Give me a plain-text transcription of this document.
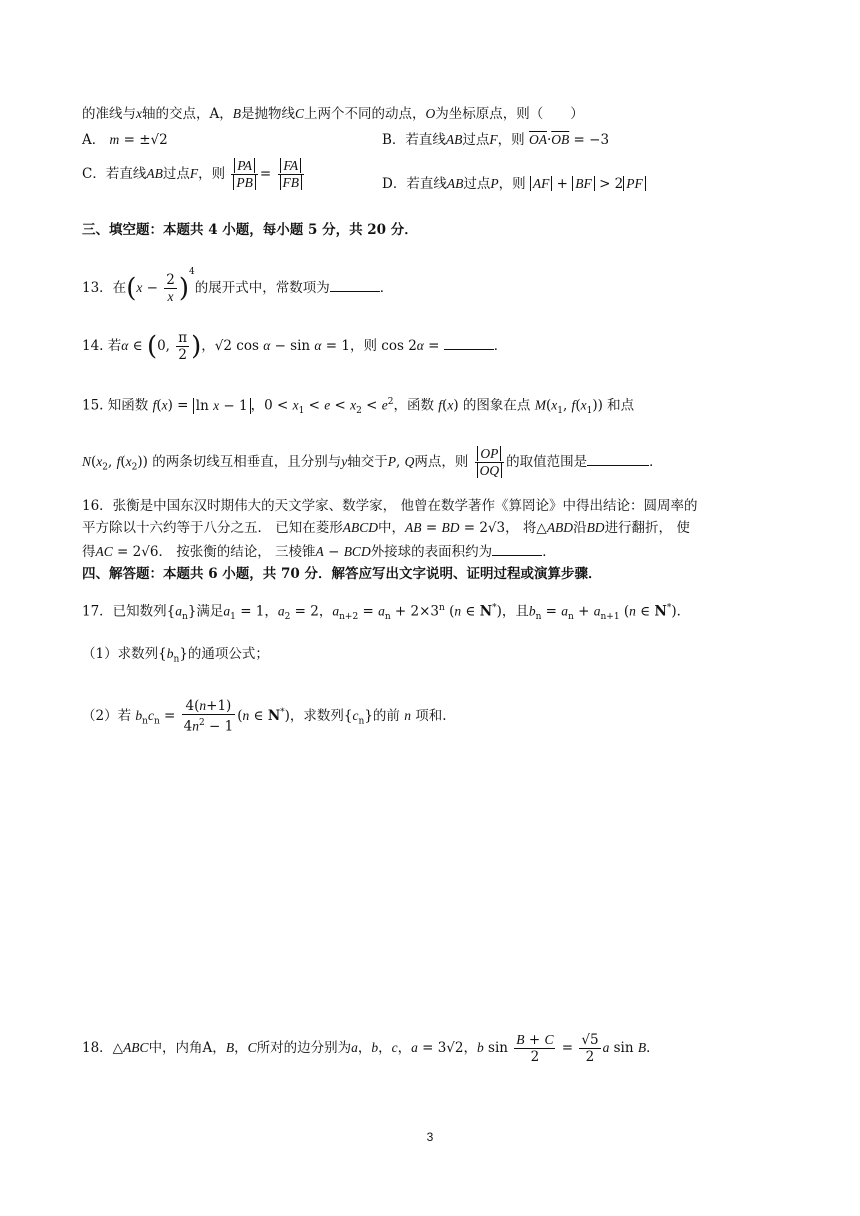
的准线与x轴的交点，A，B是抛物线C上两个不同的动点，O为坐标原点，则（　　）
A． m = ±√2	B．若直线AB过点F，则 $\overline{OA}\cdot\overline{OB} = -3$
C．若直线AB过点F，则 $\frac{PA}{PB} = \frac{FA}{FB}$	D．若直线AB过点P，则 AF + BF > 2 PF
三、填空题：本题共 4 小题，每小题 5 分，共 20 分．
13．在$(x - \frac{2}{x} )^4$的展开式中，常数项为	．
14. 若α ∈ (0, $\frac{\pi}{2}$ )，√2 cos α − sin α = 1，则 cos 2α =	．
15. 知函数 f(x) = ln x − 1 ，$0 < x_1 < e < x_2 < e^2$，函数 f(x) 的图象在点 $M(x_1$, $f(x_1)$) 和点
$N(x_2$, $f(x_2)$) 的两条切线互相垂直，且分别与y轴交于P, Q两点，则 $\frac{OP}{OQ}$ 的取值范围是	．
16．张衡是中国东汉时期伟大的天文学家、数学家， 他曾在数学著作《算罔论》中得出结论：圆周率的
平方除以十六约等于八分之五． 已知在菱形ABCD中，AB = BD = 2√3， 将△ABD沿BD进行翻折， 使
得AC = 2√6． 按张衡的结论， 三棱锥A − BCD外接球的表面积约为	．
四、解答题：本题共 6 小题，共 70 分．解答应写出文字说明、证明过程或演算步骤．
17．已知数列$\{a_n\}$满足$a_1 = 1$，$a_2 = 2$，$a_{n+2} = a_n + 2\times 3^n$ (n ∈ N*)，且$b_n = a_n + a_{n+1}$ (n ∈ N*)．
（1）求数列$\{b_n\}$的通项公式；
（2）若 $b_nc_n = \frac{4(n+1)}{4n^2 - 1} (n$ ∈ N*)，求数列$\{c_n\}$的前 n 项和.
18．△ABC中，内角A，B，C所对的边分别为a，b，c，a = 3√2，b $\sin \frac{B + C}{2} = \frac{√5}{2}$ a sin B．
3
